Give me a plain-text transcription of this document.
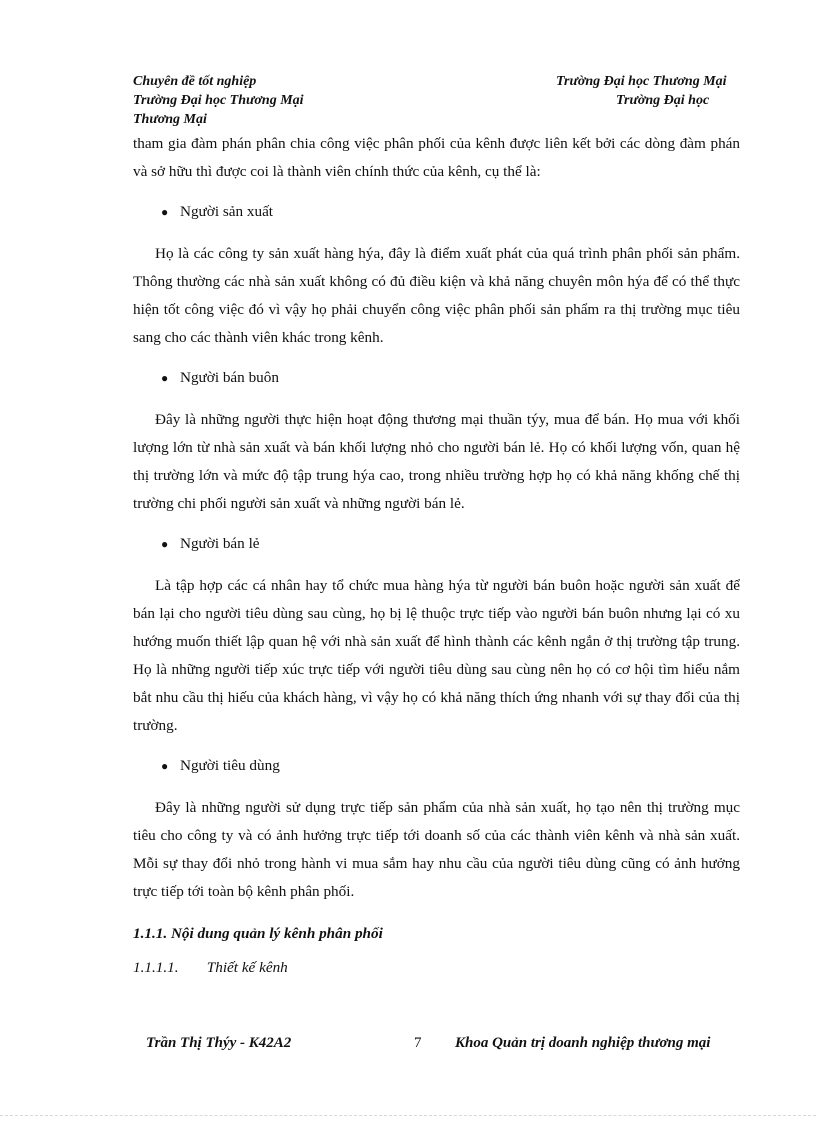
Chuyên đề tốt nghiệp
Trường Đại học Thương Mại
Thương Mại
Trường Đại học Thương Mại
Trường Đại học

tham gia đàm phán phân chia công việc phân phối của kênh được liên kết bởi các dòng đàm phán và sở hữu thì được coi là thành viên chính thức của kênh, cụ thể là:

● Người sản xuất

Họ là các công ty sản xuất hàng hýa, đây là điểm xuất phát của quá trình phân phối sản phẩm. Thông thường các nhà sản xuất không có đủ điều kiện và khả năng chuyên môn hýa để có thể thực hiện tốt công việc đó vì vậy họ phải chuyển công việc phân phối sản phẩm ra thị trường mục tiêu sang cho các thành viên khác trong kênh.

● Người bán buôn

Đây là những người thực hiện hoạt động thương mại thuần týy, mua để bán. Họ mua với khối lượng lớn từ nhà sản xuất và bán khối lượng nhỏ cho người bán lẻ. Họ có khối lượng vốn, quan hệ thị trường lớn và mức độ tập trung hýa cao, trong nhiều trường hợp họ có khả năng khống chế thị trường chi phối người sản xuất và những người bán lẻ.

● Người bán lẻ

Là tập hợp các cá nhân hay tổ chức mua hàng hýa từ người bán buôn hoặc người sản xuất để bán lại cho người tiêu dùng sau cùng, họ bị lệ thuộc trực tiếp vào người bán buôn nhưng lại có xu hướng muốn thiết lập quan hệ với nhà sản xuất để hình thành các kênh ngắn ở thị trường tập trung. Họ là những người tiếp xúc trực tiếp với người tiêu dùng sau cùng nên họ có cơ hội tìm hiểu nắm bắt nhu cầu thị hiếu của khách hàng, vì vậy họ có khả năng thích ứng nhanh với sự thay đổi của thị trường.

● Người tiêu dùng

Đây là những người sử dụng trực tiếp sản phẩm của nhà sản xuất, họ tạo nên thị trường mục tiêu cho công ty và có ảnh hưởng trực tiếp tới doanh số của các thành viên kênh và nhà sản xuất. Mỗi sự thay đổi nhỏ trong hành vi mua sắm hay nhu cầu của người tiêu dùng cũng có ảnh hưởng trực tiếp tới toàn bộ kênh phân phối.

1.1.1. Nội dung quản lý kênh phân phối
1.1.1.1. Thiết kế kênh
Trần Thị Thýy - K42A2	7 Khoa Quản trị doanh nghiệp thương mại
